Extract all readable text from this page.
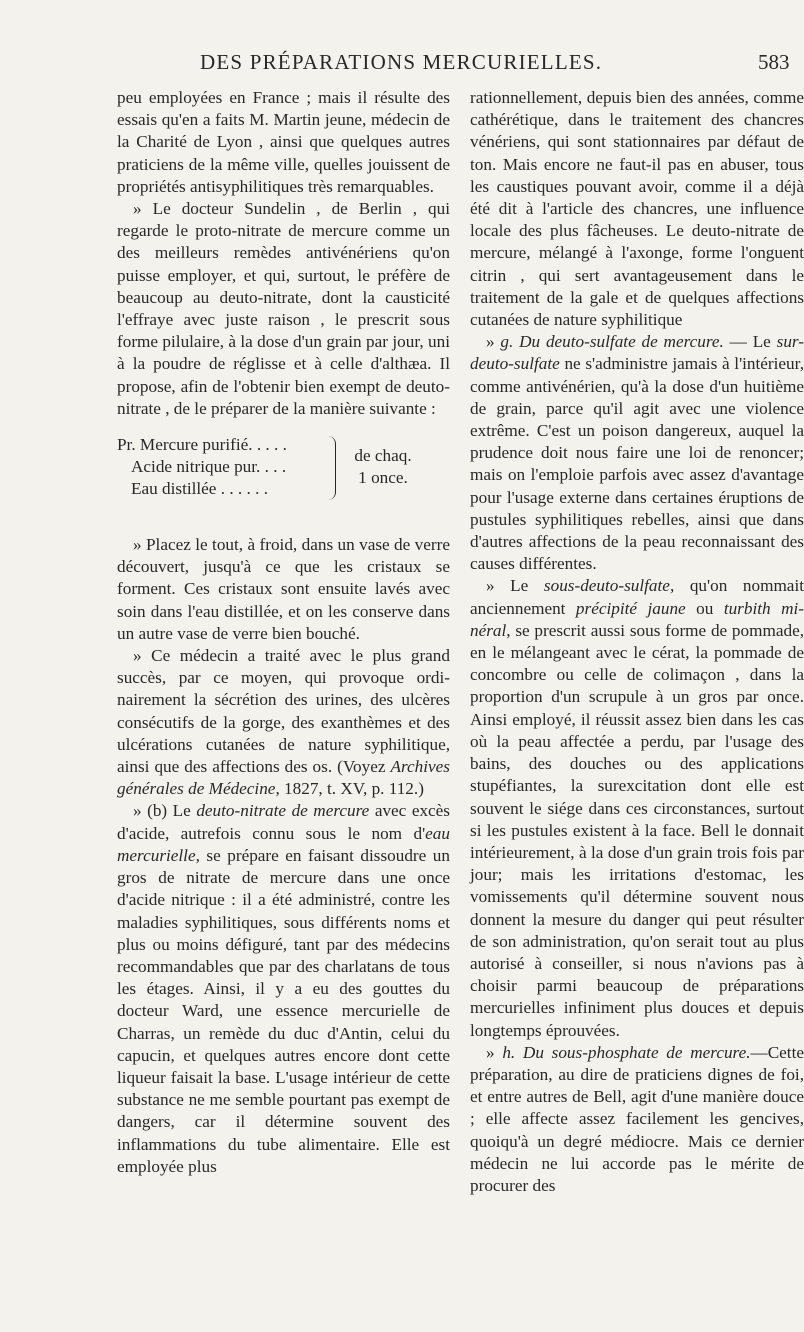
DES PRÉPARATIONS MERCURIELLES.	583

peu employées en France ; mais il résulte des essais qu'en a faits M. Martin jeune, médecin de la Charité de Lyon , ainsi que quelques autres praticiens de la même ville, quelles jouissent de propriétés antisyphilitiques très remarquables.

» Le docteur Sundelin , de Berlin , qui regarde le proto-nitrate de mercure comme un des meilleurs remèdes antivénériens qu'on puisse employer, et qui, surtout, le préfère de beaucoup au deuto-nitrate, dont la causticité l'effraye avec juste raison , le prescrit sous forme pilulaire, à la dose d'un grain par jour, uni à la poudre de réglisse et à celle d'althæa. Il propose, afin de l'obtenir bien exempt de deuto-nitrate , de le préparer de la manière suivante :

Pr. Mercure purifié. . . . .
Acide nitrique pur. . . .
Eau distillée . . . . . .
de chaq.
1 once.

» Placez le tout, à froid, dans un vase de verre découvert, jusqu'à ce que les cristaux se forment. Ces cristaux sont ensuite lavés avec soin dans l'eau distillée, et on les conserve dans un autre vase de verre bien bouché.

» Ce médecin a traité avec le plus grand succès, par ce moyen, qui provoque ordinairement la sécrétion des urines, des ulcères consécutifs de la gorge, des exanthèmes et des ulcérations cutanées de nature syphilitique, ainsi que des affections des os. (Voyez Archives générales de Médecine, 1827, t. XV, p. 112.)

» (b) Le deuto-nitrate de mercure avec excès d'acide, autrefois connu sous le nom d'eau mercurielle, se prépare en faisant dissoudre un gros de nitrate de mercure dans une once d'acide nitrique : il a été administré, contre les maladies syphilitiques, sous différents noms et plus ou moins défiguré, tant par des médecins recommandables que par des charlatans de tous les étages. Ainsi, il y a eu des gouttes du docteur Ward, une essence mercurielle de Charras, un remède du duc d'Antin, celui du capucin, et quelques autres encore dont cette liqueur faisait la base. L'usage intérieur de cette substance ne me semble pourtant pas exempt de dangers, car il détermine souvent des inflammations du tube alimentaire. Elle est employée plus

rationnellement, depuis bien des années, comme cathérétique, dans le traitement des chancres vénériens, qui sont stationnaires par défaut de ton. Mais encore ne faut-il pas en abuser, tous les caustiques pouvant avoir, comme il a déjà été dit à l'article des chancres, une influence locale des plus fâcheuses. Le deuto-nitrate de mercure, mélangé à l'axonge, forme l'onguent citrin , qui sert avantageusement dans le traitement de la gale et de quelques affections cutanées de nature syphilitique

» g. Du deuto-sulfate de mercure. — Le sur-deuto-sulfate ne s'administre jamais à l'intérieur, comme antivénérien, qu'à la dose d'un huitième de grain, parce qu'il agit avec une violence extrême. C'est un poison dangereux, auquel la prudence doit nous faire une loi de renoncer; mais on l'emploie parfois avec assez d'avantage pour l'usage externe dans certaines éruptions de pustules syphilitiques rebelles, ainsi que dans d'autres affections de la peau reconnaissant des causes différentes.

» Le sous-deuto-sulfate, qu'on nommait anciennement précipité jaune ou turbith minéral, se prescrit aussi sous forme de pommade, en le mélangeant avec le cérat, la pommade de concombre ou celle de colimaçon , dans la proportion d'un scrupule à un gros par once. Ainsi employé, il réussit assez bien dans les cas où la peau affectée a perdu, par l'usage des bains, des douches ou des applications stupéfiantes, la surexcitation dont elle est souvent le siége dans ces circonstances, surtout si les pustules existent à la face. Bell le donnait intérieurement, à la dose d'un grain trois fois par jour; mais les irritations d'estomac, les vomissements qu'il détermine souvent nous donnent la mesure du danger qui peut résulter de son administration, qu'on serait tout au plus autorisé à conseiller, si nous n'avions pas à choisir parmi beaucoup de préparations mercurielles infiniment plus douces et depuis longtemps éprouvées.

» h. Du sous-phosphate de mercure.—Cette préparation, au dire de praticiens dignes de foi, et entre autres de Bell, agit d'une manière douce ; elle affecte assez facilement les gencives, quoiqu'à un degré médiocre. Mais ce dernier médecin ne lui accorde pas le mérite de procurer des
